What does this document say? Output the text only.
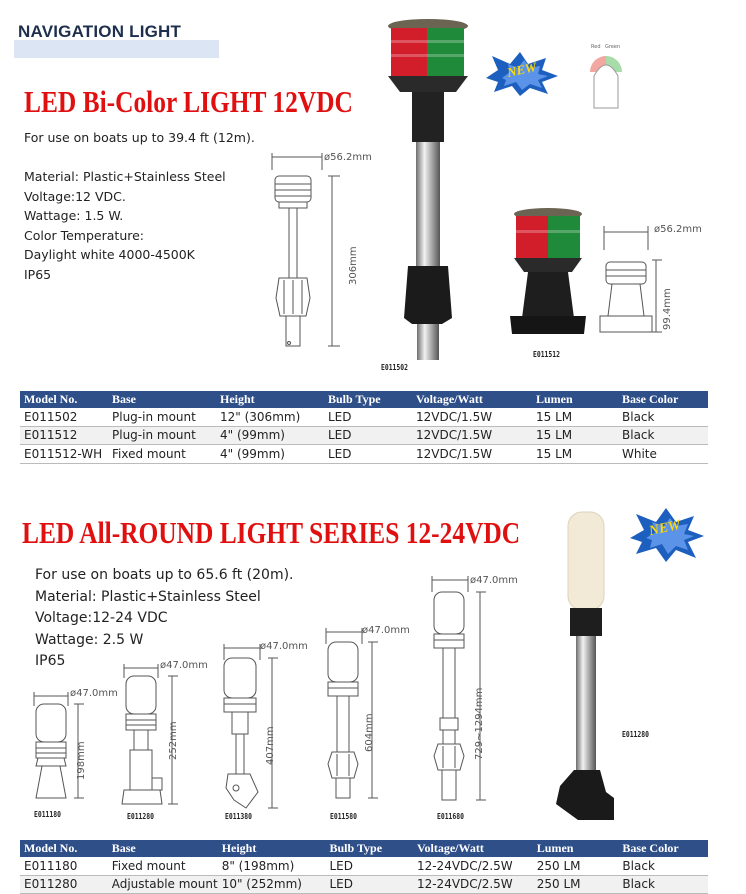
NAVIGATION LIGHT
LED Bi-Color LIGHT 12VDC
For use on boats up to 39.4 ft (12m).
Material: Plastic+Stainless Steel
Voltage:12 VDC.
Wattage: 1.5 W.
Color Temperature:
Daylight white 4000-4500K
IP65
ø56.2mm
306mm
E011502
NEW
Red Green
E011512
ø56.2mm
99.4mm
Model No.	Base	Height	Bulb Type	Voltage/Watt	Lumen	Base Color
E011502	Plug-in mount	12" (306mm)	LED	12VDC/1.5W	15 LM	Black
E011512	Plug-in mount	4" (99mm)	LED	12VDC/1.5W	15 LM	Black
E011512-WH	Fixed mount	4" (99mm)	LED	12VDC/1.5W	15 LM	White
LED All-ROUND LIGHT SERIES 12-24VDC
For use on boats up to 65.6 ft (20m).
Material: Plastic+Stainless Steel
Voltage:12-24 VDC
Wattage: 2.5 W
IP65
E011280
NEW
ø47.0mm
198mm
E011180
ø47.0mm
252mm
E011280
ø47.0mm
407mm
E011380
ø47.0mm
604mm
E011580
ø47.0mm
729~1294mm
E011680
Model No.	Base	Height	Bulb Type	Voltage/Watt	Lumen	Base Color
E011180	Fixed mount	8" (198mm)	LED	12-24VDC/2.5W	250 LM	Black
E011280	Adjustable mount	10" (252mm)	LED	12-24VDC/2.5W	250 LM	Black
